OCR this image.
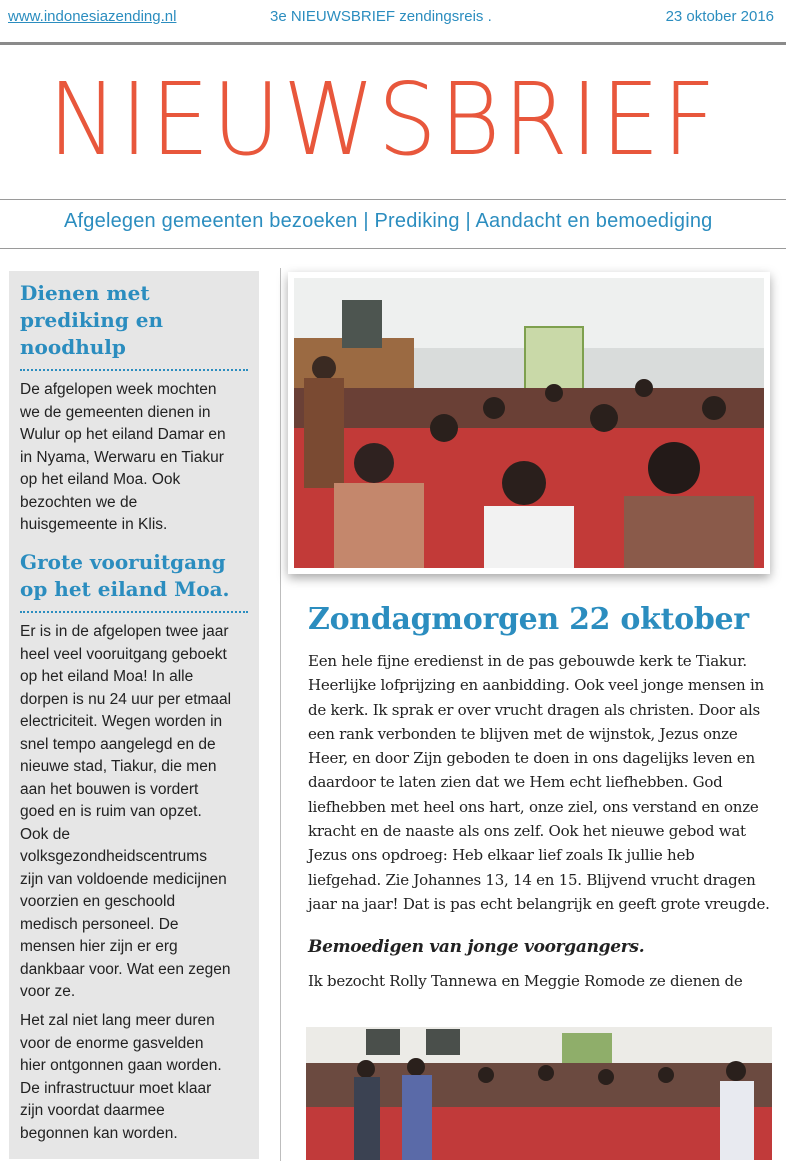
www.indonesiazending.nl	3e NIEUWSBRIEF zendingsreis .	23 oktober 2016
NIEUWSBRIEF
Afgelegen gemeenten bezoeken | Prediking | Aandacht en bemoediging
Dienen met
prediking en
noodhulp

De afgelopen week mochten
we de gemeenten dienen in
Wulur op het eiland Damar en
in Nyama, Werwaru en Tiakur
op het eiland Moa. Ook
bezochten we de
huisgemeente in Klis.

Grote vooruitgang
op het eiland Moa.

Er is in de afgelopen twee jaar
heel veel vooruitgang geboekt
op het eiland Moa! In alle
dorpen is nu 24 uur per etmaal
electriciteit. Wegen worden in
snel tempo aangelegd en de
nieuwe stad, Tiakur, die men
aan het bouwen is vordert
goed en is ruim van opzet.
Ook de
volksgezondheidscentrums
zijn van voldoende medicijnen
voorzien en geschoold
medisch personeel. De
mensen hier zijn er erg
dankbaar voor. Wat een zegen
voor ze.

Het zal niet lang meer duren
voor de enorme gasvelden
hier ontgonnen gaan worden.
De infrastructuur moet klaar
zijn voordat daarmee
begonnen kan worden.

Zondagmorgen 22 oktober

Een hele fijne eredienst in de pas gebouwde kerk te Tiakur.
Heerlijke lofprijzing en aanbidding. Ook veel jonge mensen in
de kerk. Ik sprak er over vrucht dragen als christen. Door als
een rank verbonden te blijven met de wijnstok, Jezus onze
Heer, en door Zijn geboden te doen in ons dagelijks leven en
daardoor te laten zien dat we Hem echt liefhebben. God
liefhebben met heel ons hart, onze ziel, ons verstand en onze
kracht en de naaste als ons zelf. Ook het nieuwe gebod wat
Jezus ons opdroeg: Heb elkaar lief zoals Ik jullie heb
liefgehad. Zie Johannes 13, 14 en 15. Blijvend vrucht dragen
jaar na jaar! Dat is pas echt belangrijk en geeft grote vreugde.

Bemoedigen van jonge voorgangers.

Ik bezocht Rolly Tannewa en Meggie Romode ze dienen de
